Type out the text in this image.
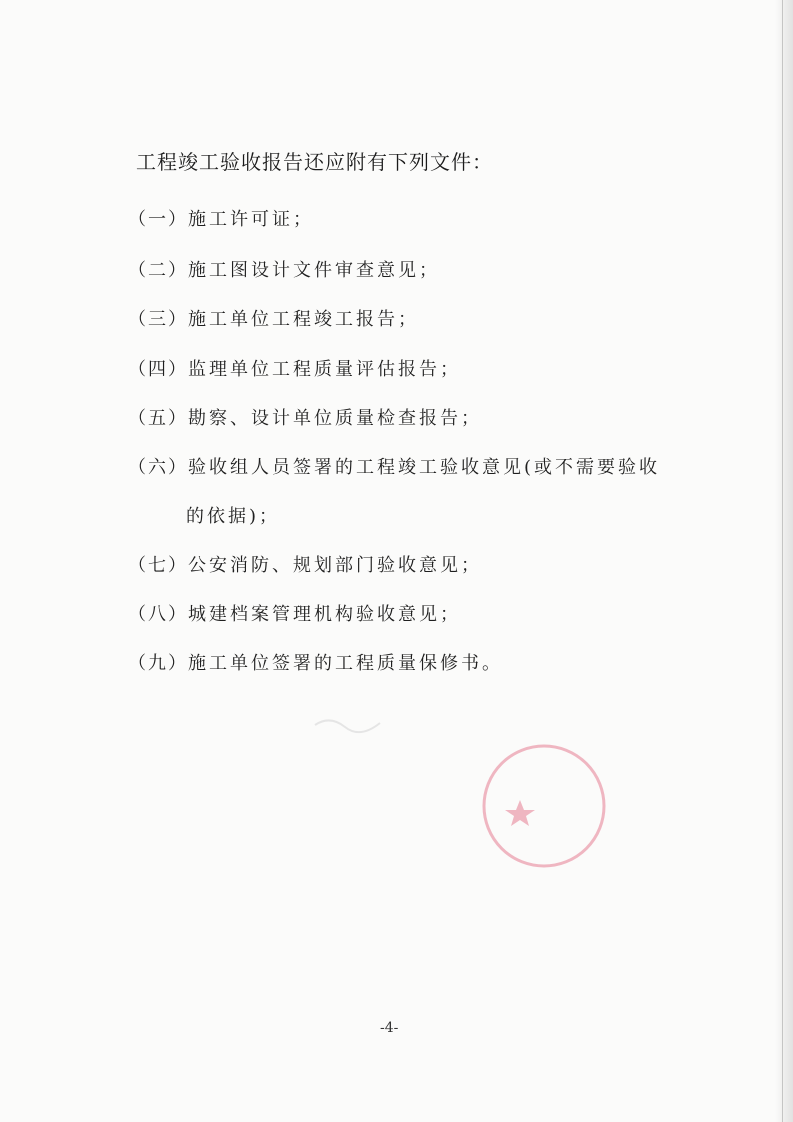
工程竣工验收报告还应附有下列文件：
（一）施工许可证；
（二）施工图设计文件审查意见；
（三）施工单位工程竣工报告；
（四）监理单位工程质量评估报告；
（五）勘察、设计单位质量检查报告；
（六）验收组人员签署的工程竣工验收意见(或不需要验收
的依据)；
（七）公安消防、规划部门验收意见；
（八）城建档案管理机构验收意见；
（九）施工单位签署的工程质量保修书。
-4-
